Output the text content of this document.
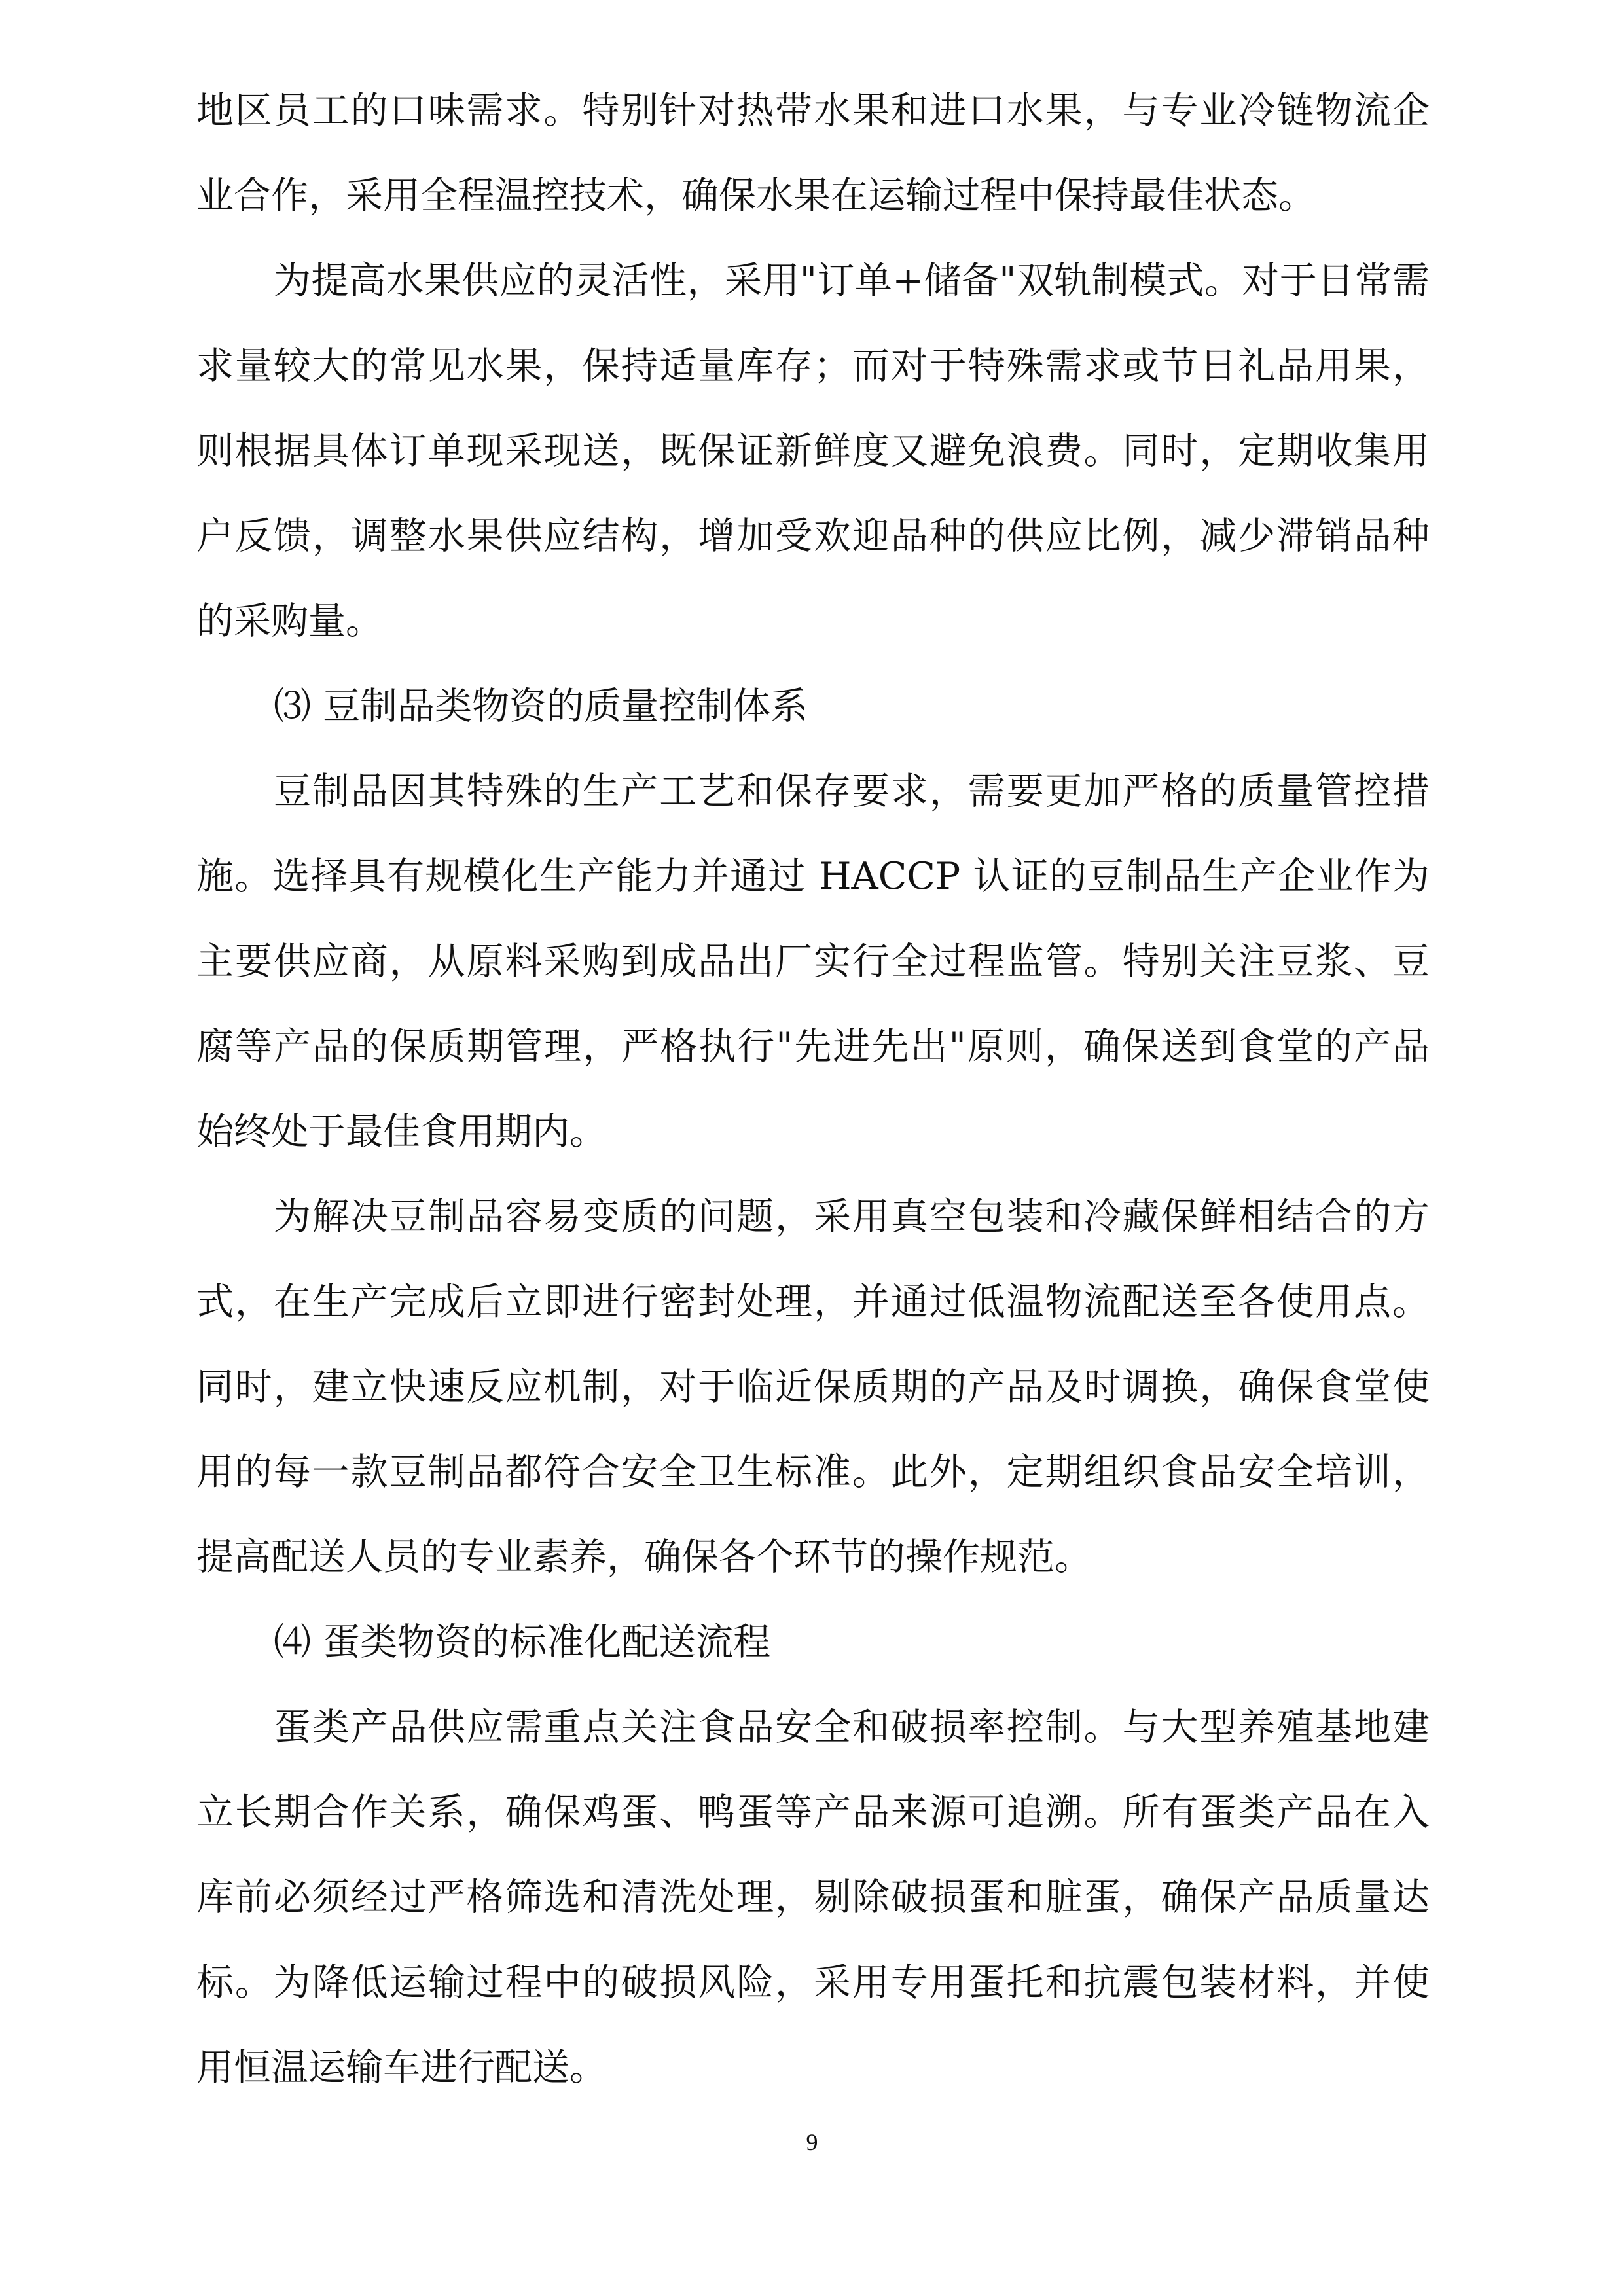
地区员工的口味需求。特别针对热带水果和进口水果，与专业冷链物流企
业合作，采用全程温控技术，确保水果在运输过程中保持最佳状态。
为提高水果供应的灵活性，采用"订单+储备"双轨制模式。对于日常需
求量较大的常见水果，保持适量库存；而对于特殊需求或节日礼品用果，
则根据具体订单现采现送，既保证新鲜度又避免浪费。同时，定期收集用
户反馈，调整水果供应结构，增加受欢迎品种的供应比例，减少滞销品种
的采购量。
⑶ 豆制品类物资的质量控制体系
豆制品因其特殊的生产工艺和保存要求，需要更加严格的质量管控措
施。选择具有规模化生产能力并通过 HACCP 认证的豆制品生产企业作为
主要供应商，从原料采购到成品出厂实行全过程监管。特别关注豆浆、豆
腐等产品的保质期管理，严格执行"先进先出"原则，确保送到食堂的产品
始终处于最佳食用期内。
为解决豆制品容易变质的问题，采用真空包装和冷藏保鲜相结合的方
式，在生产完成后立即进行密封处理，并通过低温物流配送至各使用点。
同时，建立快速反应机制，对于临近保质期的产品及时调换，确保食堂使
用的每一款豆制品都符合安全卫生标准。此外，定期组织食品安全培训，
提高配送人员的专业素养，确保各个环节的操作规范。
⑷ 蛋类物资的标准化配送流程
蛋类产品供应需重点关注食品安全和破损率控制。与大型养殖基地建
立长期合作关系，确保鸡蛋、鸭蛋等产品来源可追溯。所有蛋类产品在入
库前必须经过严格筛选和清洗处理，剔除破损蛋和脏蛋，确保产品质量达
标。为降低运输过程中的破损风险，采用专用蛋托和抗震包装材料，并使
用恒温运输车进行配送。
9
